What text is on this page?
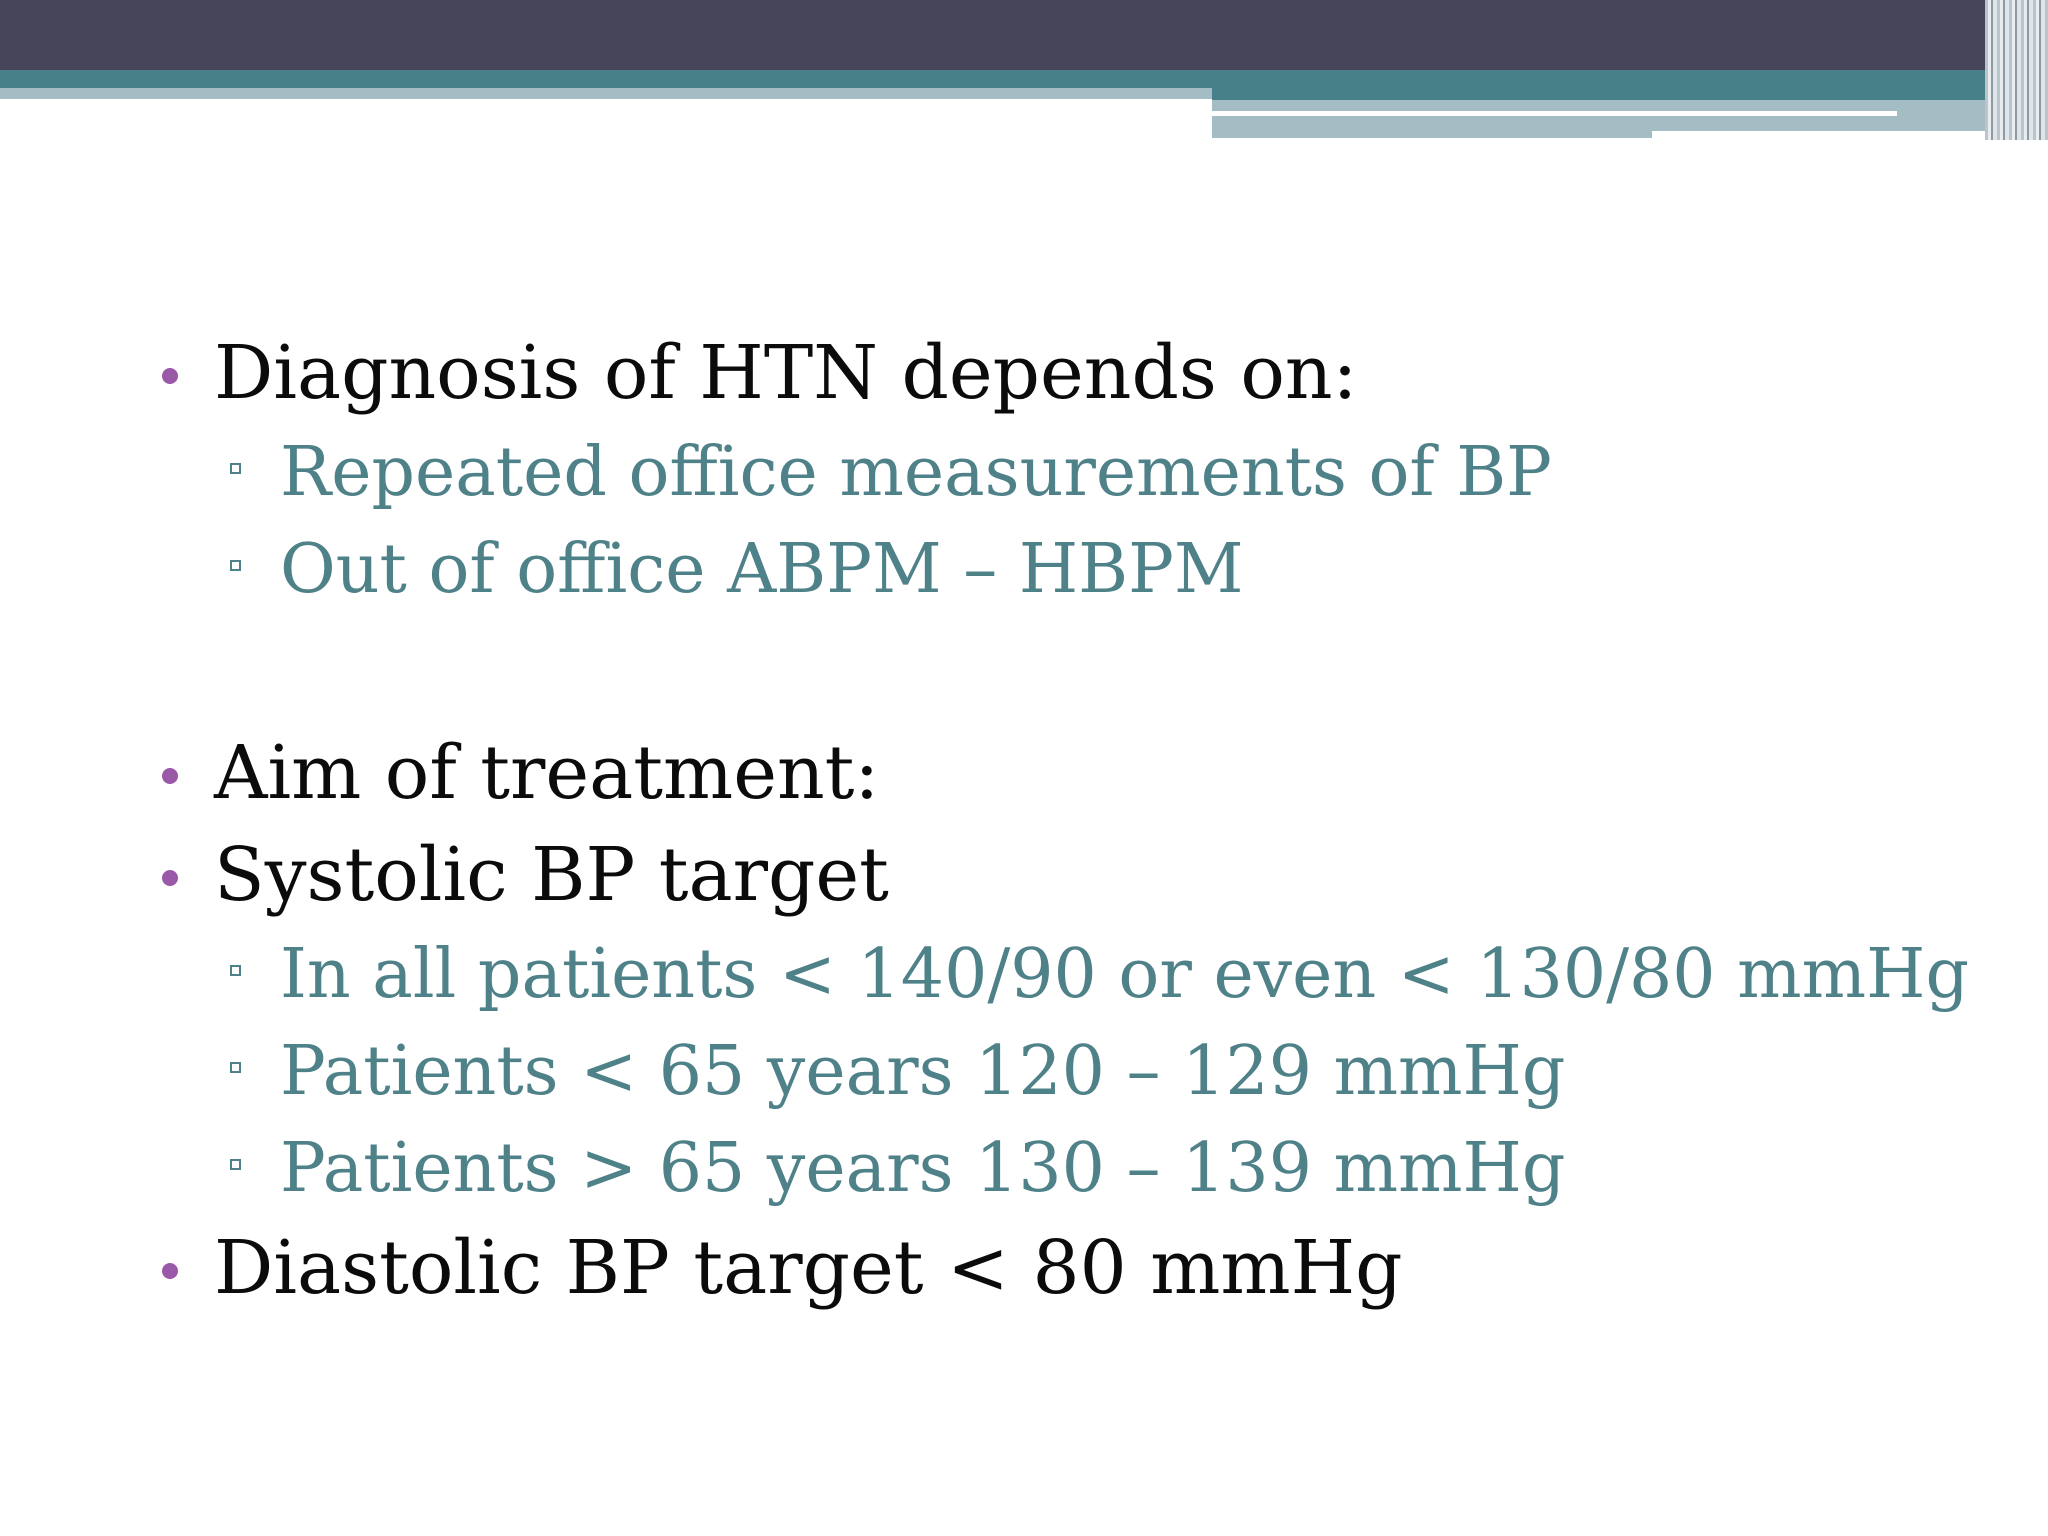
Diagnosis of HTN depends on:
Repeated office measurements of BP
Out of office ABPM – HBPM
Aim of treatment:
Systolic BP target
In all patients < 140/90 or even < 130/80 mmHg
Patients < 65 years 120 – 129 mmHg
Patients > 65 years 130 – 139 mmHg
Diastolic BP target < 80 mmHg
